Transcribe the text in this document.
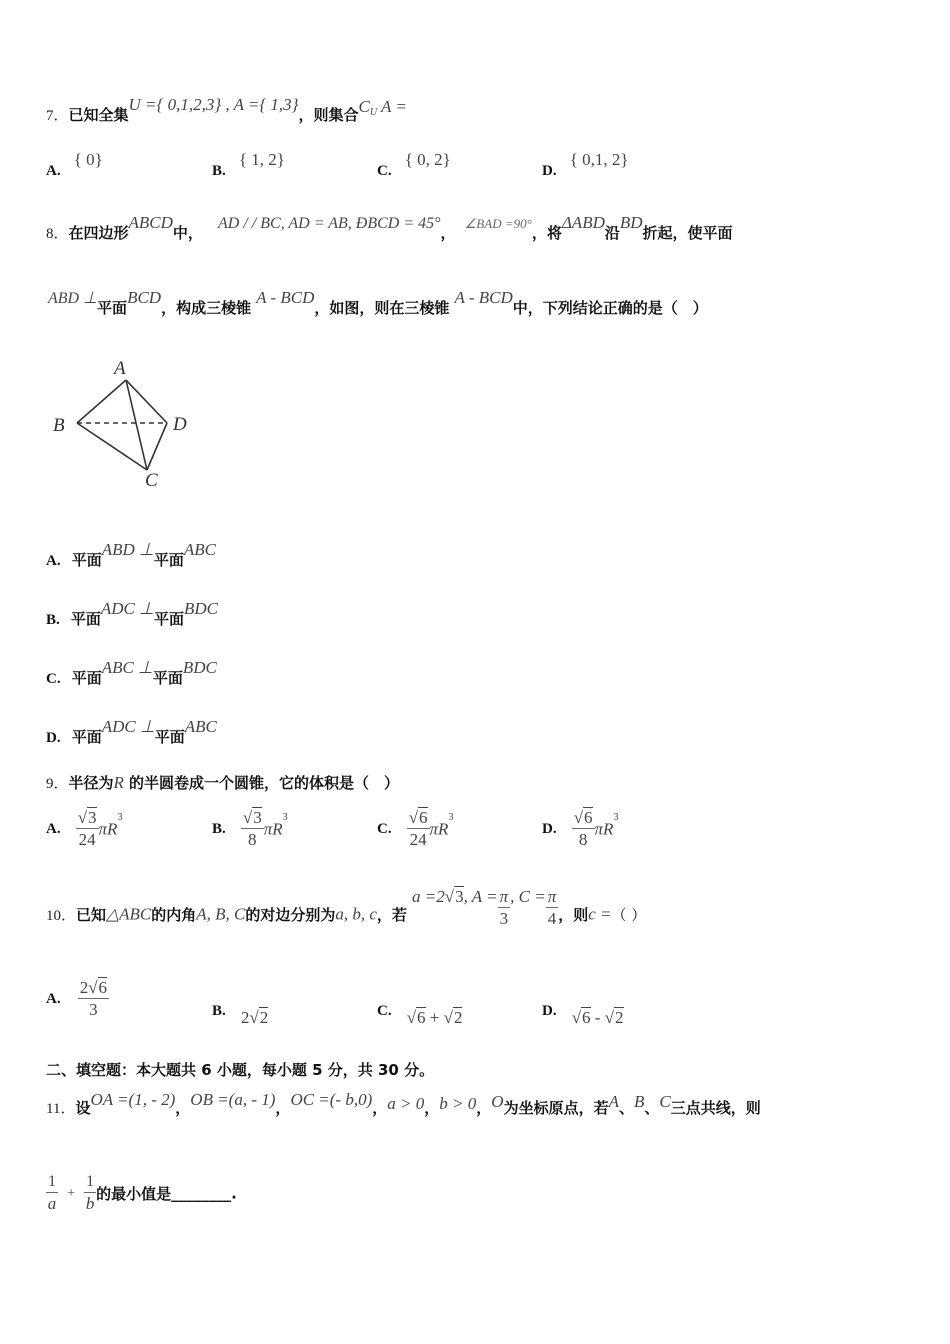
7．已知全集U ={ 0,1,2,3} , A ={ 1,3}，则集合$C_U$ A =
A. { 0}
B. { 1, 2}
C. { 0, 2}
D. { 0,1, 2}
8．在四边形ABCD中， AD / / BC, AD = AB, ÐBCD = 45°， $^{\angle BAD =90^\circ}$，将ΔABD沿BD折起，使平面
ABD ⊥平面BCD，构成三棱锥 A - BCD，如图，则在三棱锥 A - BCD中，下列结论正确的是（　）
A
B	D
C
A. 平面ABD ⊥平面ABC
B. 平面ADC ⊥平面BDC
C. 平面ABC ⊥平面BDC
D. 平面ADC ⊥平面ABC
9．半径为R 的半圆卷成一个圆锥，它的体积是（　）
A. $\frac{√3}{24} \pi R^3$
B. $\frac{√3}{8} \pi R^3$
C. $\frac{√6}{24} \pi R^3$
D. $\frac{√6}{8} \pi R^3$
10．已知△ABC的内角A, B, C的对边分别为a, b, c，若 a =2√3, $A = \frac{\pi}{3}$ , $C = \frac{\pi}{4}$ ，则c =（ ）
A. $\frac{2√6}{3}$	B. 2√2	C. √6 + √2	D. √6 - √2
二、填空题：本大题共 6 小题，每小题 5 分，共 30 分。
11．设OA =(1, - 2)，OB =(a, - 1)，OC =(- b,0)，a > 0，b > 0，O为坐标原点，若A、B、C三点共线，则
$\frac{1}{a} + \frac{1}{b}$ 的最小值是________.
